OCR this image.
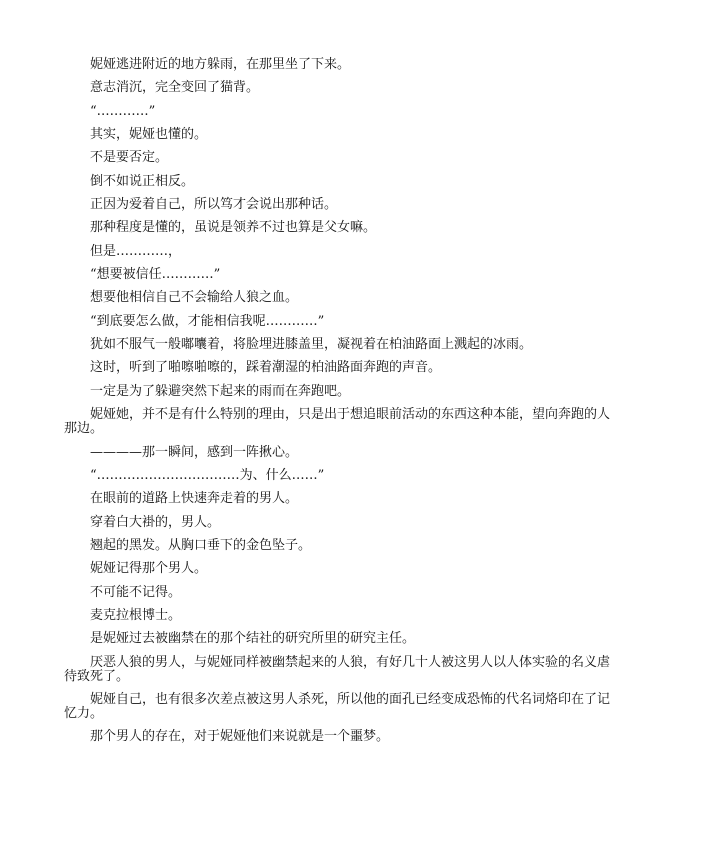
妮娅逃进附近的地方躲雨，在那里坐了下来。

意志消沉，完全变回了猫背。

“…………”

其实，妮娅也懂的。

不是要否定。

倒不如说正相反。

正因为爱着自己，所以笃才会说出那种话。

那种程度是懂的，虽说是领养不过也算是父女嘛。

但是…………，

“想要被信任…………”

想要他相信自己不会输给人狼之血。

“到底要怎么做，才能相信我呢…………”

犹如不服气一般嘟囔着，将脸埋进膝盖里，凝视着在柏油路面上溅起的冰雨。

这时，听到了啪嚓啪嚓的，踩着潮湿的柏油路面奔跑的声音。

一定是为了躲避突然下起来的雨而在奔跑吧。

妮娅她，并不是有什么特别的理由，只是出于想追眼前活动的东西这种本能，望向奔跑的人那边。

————那一瞬间，感到一阵揪心。

“……………………………为、什么……”

在眼前的道路上快速奔走着的男人。

穿着白大褂的，男人。

翘起的黑发。从胸口垂下的金色坠子。

妮娅记得那个男人。

不可能不记得。

麦克拉根博士。

是妮娅过去被幽禁在的那个结社的研究所里的研究主任。

厌恶人狼的男人，与妮娅同样被幽禁起来的人狼，有好几十人被这男人以人体实验的名义虐待致死了。

妮娅自己，也有很多次差点被这男人杀死，所以他的面孔已经变成恐怖的代名词烙印在了记忆力。

那个男人的存在，对于妮娅他们来说就是一个噩梦。
